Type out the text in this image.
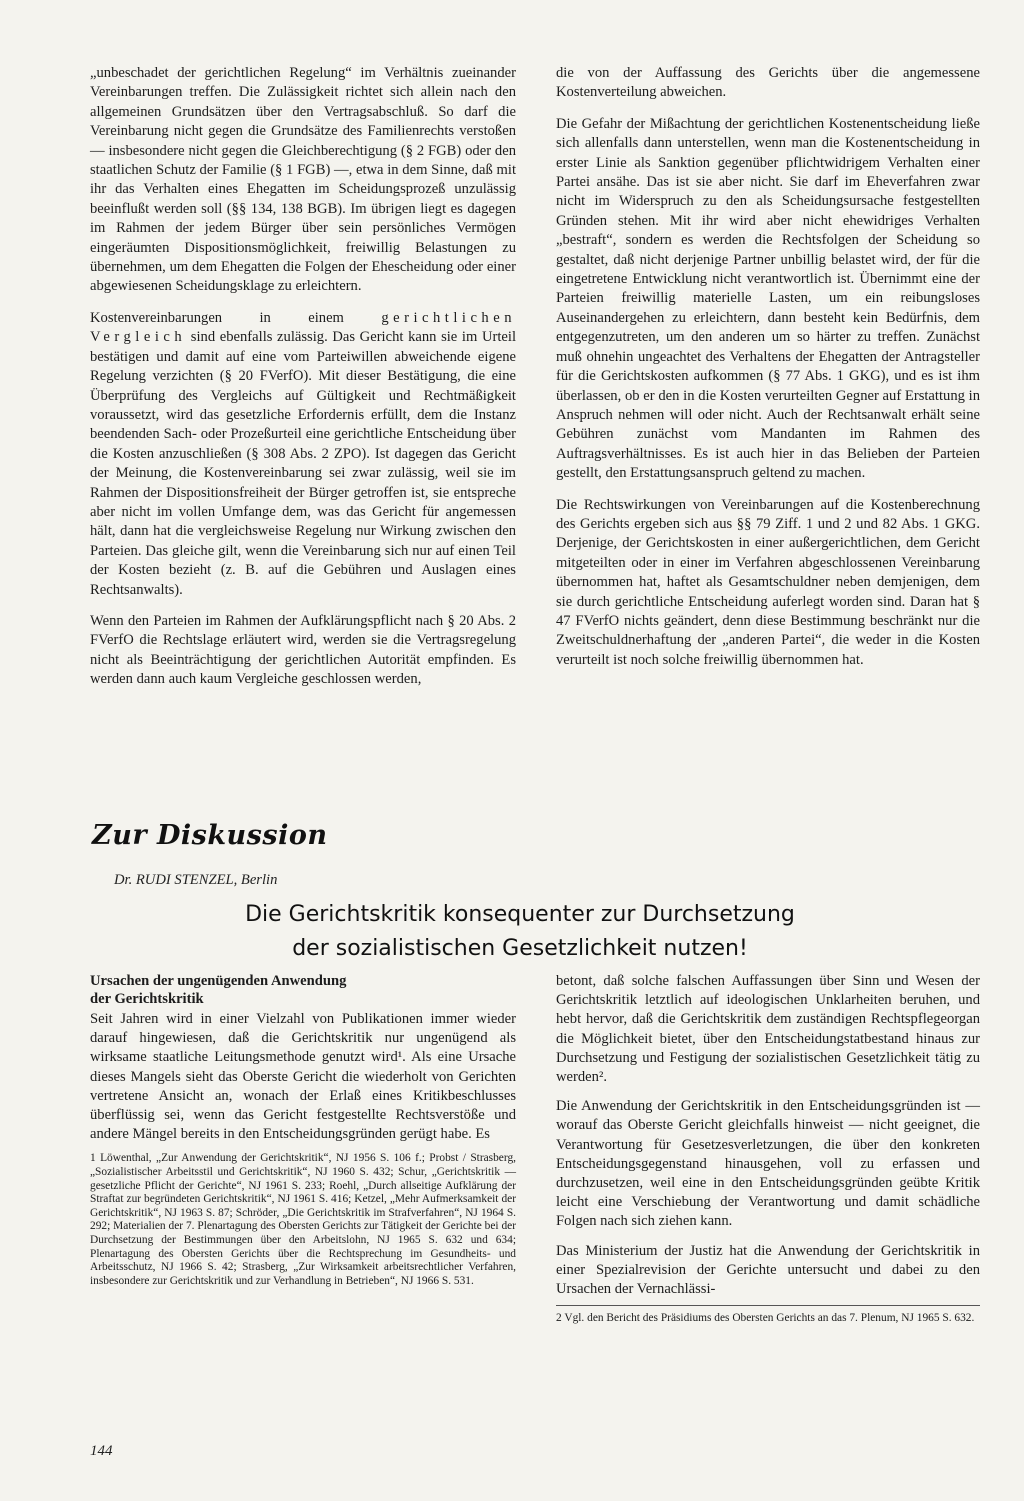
„unbeschadet der gerichtlichen Regelung“ im Verhältnis zueinander Vereinbarungen treffen. Die Zulässigkeit richtet sich allein nach den allgemeinen Grundsätzen über den Vertragsabschluß. So darf die Vereinbarung nicht gegen die Grundsätze des Familienrechts verstoßen — insbesondere nicht gegen die Gleichberechtigung (§ 2 FGB) oder den staatlichen Schutz der Familie (§ 1 FGB) —, etwa in dem Sinne, daß mit ihr das Verhalten eines Ehegatten im Scheidungsprozeß unzulässig beeinflußt werden soll (§§ 134, 138 BGB). Im übrigen liegt es dagegen im Rahmen der jedem Bürger über sein persönliches Vermögen eingeräumten Dispositionsmöglichkeit, freiwillig Belastungen zu übernehmen, um dem Ehegatten die Folgen der Ehescheidung oder einer abgewiesenen Scheidungsklage zu erleichtern.

Kostenvereinbarungen in einem	gerichtlichen Vergleich sind ebenfalls zulässig. Das Gericht kann sie im Urteil bestätigen und damit auf eine vom Parteiwillen abweichende eigene Regelung verzichten (§ 20 FVerfO). Mit dieser Bestätigung, die eine Überprüfung des Vergleichs auf Gültigkeit und Rechtmäßigkeit voraussetzt, wird das gesetzliche Erfordernis erfüllt, dem die Instanz beendenden Sach- oder Prozeßurteil eine gerichtliche Entscheidung über die Kosten anzuschließen (§ 308 Abs. 2 ZPO). Ist dagegen das Gericht der Meinung, die Kostenvereinbarung sei zwar zulässig, weil sie im Rahmen der Dispositionsfreiheit der Bürger getroffen ist, sie entspreche aber nicht im vollen Umfange dem, was das Gericht für angemessen hält, dann hat die vergleichsweise Regelung nur Wirkung zwischen den Parteien. Das gleiche gilt, wenn die Vereinbarung sich nur auf einen Teil der Kosten bezieht (z. B. auf die Gebühren und Auslagen eines Rechtsanwalts).

Wenn den Parteien im Rahmen der Aufklärungspflicht nach § 20 Abs. 2 FVerfO die Rechtslage erläutert wird, werden sie die Vertragsregelung nicht als Beeinträchtigung der gerichtlichen Autorität empfinden. Es werden dann auch kaum Vergleiche geschlossen werden,

die von der Auffassung des Gerichts über die angemessene Kostenverteilung abweichen.

Die Gefahr der Mißachtung der gerichtlichen Kostenentscheidung ließe sich allenfalls dann unterstellen, wenn man die Kostenentscheidung in erster Linie als Sanktion gegenüber pflichtwidrigem Verhalten einer Partei ansähe. Das ist sie aber nicht. Sie darf im Eheverfahren zwar nicht im Widerspruch zu den als Scheidungsursache festgestellten Gründen stehen. Mit ihr wird aber nicht ehewidriges Verhalten „bestraft“, sondern es werden die Rechtsfolgen der Scheidung so gestaltet, daß nicht derjenige Partner unbillig belastet wird, der für die eingetretene Entwicklung nicht verantwortlich ist. Übernimmt eine der Parteien freiwillig materielle Lasten, um ein reibungsloses Auseinandergehen zu erleichtern, dann besteht kein Bedürfnis, dem entgegenzutreten, um den anderen um so härter zu treffen. Zunächst muß ohnehin ungeachtet des Verhaltens der Ehegatten der Antragsteller für die Gerichtskosten aufkommen (§ 77 Abs. 1 GKG), und es ist ihm überlassen, ob er den in die Kosten verurteilten Gegner auf Erstattung in Anspruch nehmen will oder nicht. Auch der Rechtsanwalt erhält seine Gebühren zunächst vom Mandanten im Rahmen des Auftragsverhältnisses. Es ist auch hier in das Belieben der Parteien gestellt, den Erstattungsanspruch geltend zu machen.

Die Rechtswirkungen von Vereinbarungen auf die Kostenberechnung des Gerichts ergeben sich aus §§ 79 Ziff. 1 und 2 und 82 Abs. 1 GKG. Derjenige, der Gerichtskosten in einer außergerichtlichen, dem Gericht mitgeteilten oder in einer im Verfahren abgeschlossenen Vereinbarung übernommen hat, haftet als Gesamtschuldner neben demjenigen, dem sie durch gerichtliche Entscheidung auferlegt worden sind. Daran hat § 47 FVerfO nichts geändert, denn diese Bestimmung beschränkt nur die Zweitschuldnerhaftung der „anderen Partei“, die weder in die Kosten verurteilt ist noch solche freiwillig übernommen hat.

Zur Diskussion
Dr. RUDI STENZEL, Berlin
Die Gerichtskritik konsequenter zur Durchsetzung
der sozialistischen Gesetzlichkeit nutzen!
Ursachen der ungenügenden Anwendung
der Gerichtskritik

Seit Jahren wird in einer Vielzahl von Publikationen immer wieder darauf hingewiesen, daß die Gerichtskritik nur ungenügend als wirksame staatliche Leitungsmethode genutzt wird¹. Als eine Ursache dieses Mangels sieht das Oberste Gericht die wiederholt von Gerichten vertretene Ansicht an, wonach der Erlaß eines Kritikbeschlusses überflüssig sei, wenn das Gericht festgestellte Rechtsverstöße und andere Mängel bereits in den Entscheidungsgründen gerügt habe. Es

1 Löwenthal, „Zur Anwendung der Gerichtskritik“, NJ 1956 S. 106 f.; Probst / Strasberg, „Sozialistischer Arbeitsstil und Gerichtskritik“, NJ 1960 S. 432; Schur, „Gerichtskritik — gesetzliche Pflicht der Gerichte“, NJ 1961 S. 233; Roehl, „Durch allseitige Aufklärung der Straftat zur begründeten Gerichtskritik“, NJ 1961 S. 416; Ketzel, „Mehr Aufmerksamkeit der Gerichtskritik“, NJ 1963 S. 87; Schröder, „Die Gerichtskritik im Strafverfahren“, NJ 1964 S. 292; Materialien der 7. Plenartagung des Obersten Gerichts zur Tätigkeit der Gerichte bei der Durchsetzung der Bestimmungen über den Arbeitslohn, NJ 1965 S. 632 und 634; Plenartagung des Obersten Gerichts über die Rechtsprechung im Gesundheits- und Arbeitsschutz, NJ 1966 S. 42; Strasberg, „Zur Wirksamkeit arbeitsrechtlicher Verfahren, insbesondere zur Gerichtskritik und zur Verhandlung in Betrieben“, NJ 1966 S. 531.

betont, daß solche falschen Auffassungen über Sinn und Wesen der Gerichtskritik letztlich auf ideologischen Unklarheiten beruhen, und hebt hervor, daß die Gerichtskritik dem zuständigen Rechtspflegeorgan die Möglichkeit bietet, über den Entscheidungstatbestand hinaus zur Durchsetzung und Festigung der sozialistischen Gesetzlichkeit tätig zu werden².

Die Anwendung der Gerichtskritik in den Entscheidungsgründen ist — worauf das Oberste Gericht gleichfalls hinweist — nicht geeignet, die Verantwortung für Gesetzesverletzungen, die über den konkreten Entscheidungsgegenstand hinausgehen, voll zu erfassen und durchzusetzen, weil eine in den Entscheidungsgründen geübte Kritik leicht eine Verschiebung der Verantwortung und damit schädliche Folgen nach sich ziehen kann.

Das Ministerium der Justiz hat die Anwendung der Gerichtskritik in einer Spezialrevision der Gerichte untersucht und dabei zu den Ursachen der Vernachlässi-

2 Vgl. den Bericht des Präsidiums des Obersten Gerichts an das 7. Plenum, NJ 1965 S. 632.

144
